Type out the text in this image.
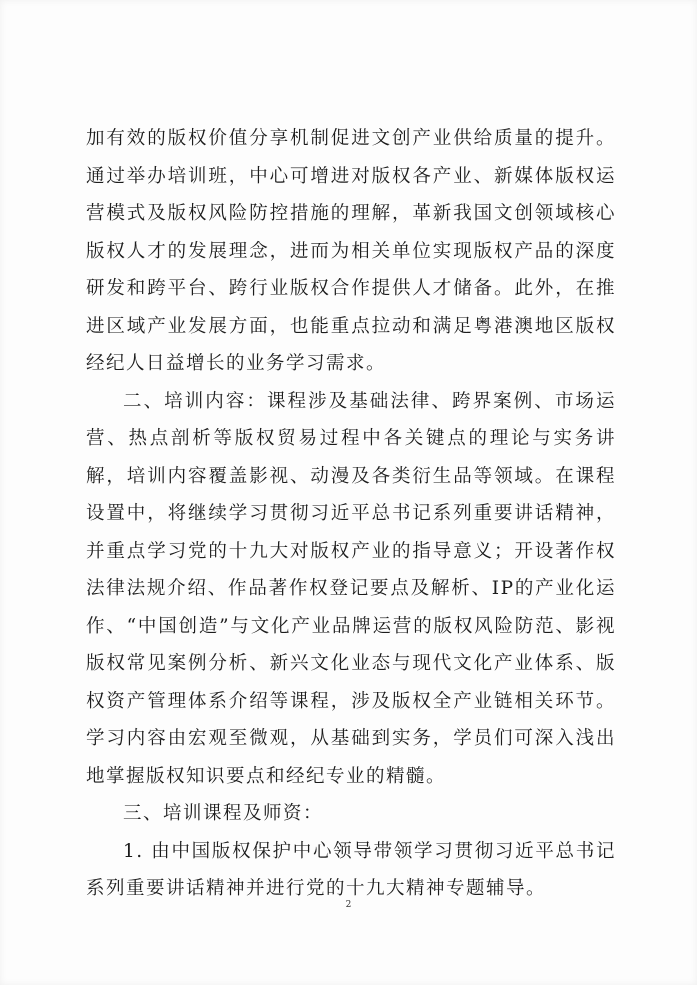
加有效的版权价值分享机制促进文创产业供给质量的提升。通过举办培训班，中心可增进对版权各产业、新媒体版权运营模式及版权风险防控措施的理解，革新我国文创领域核心版权人才的发展理念，进而为相关单位实现版权产品的深度研发和跨平台、跨行业版权合作提供人才储备。此外，在推进区域产业发展方面，也能重点拉动和满足粤港澳地区版权经纪人日益增长的业务学习需求。

二、培训内容：课程涉及基础法律、跨界案例、市场运营、热点剖析等版权贸易过程中各关键点的理论与实务讲解，培训内容覆盖影视、动漫及各类衍生品等领域。在课程设置中，将继续学习贯彻习近平总书记系列重要讲话精神，并重点学习党的十九大对版权产业的指导意义；开设著作权法律法规介绍、作品著作权登记要点及解析、IP的产业化运作、“中国创造”与文化产业品牌运营的版权风险防范、影视版权常见案例分析、新兴文化业态与现代文化产业体系、版权资产管理体系介绍等课程，涉及版权全产业链相关环节。学习内容由宏观至微观，从基础到实务，学员们可深入浅出地掌握版权知识要点和经纪专业的精髓。

三、培训课程及师资：

1. 由中国版权保护中心领导带领学习贯彻习近平总书记系列重要讲话精神并进行党的十九大精神专题辅导。

2
